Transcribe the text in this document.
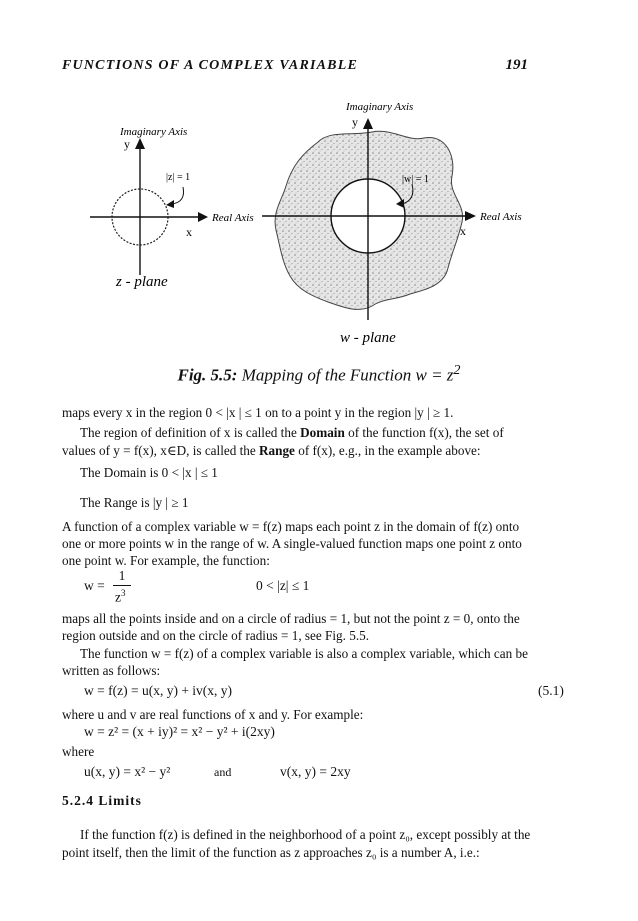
FUNCTIONS OF A COMPLEX VARIABLE	191
Imaginary Axis
y
|z| = 1
Real Axis
x
z - plane
Imaginary Axis
y
|w| = 1
Real Axis
x
w - plane
Fig. 5.5: Mapping of the Function $w = z^2$
maps every x in the region 0 < |x | ≤ 1 on to a point y in the region |y | ≥ 1.
The region of definition of x is called the Domain of the function f(x), the set of
values of y = f(x), x∈D, is called the Range of f(x), e.g., in the example above:
The Domain is 0 < |x | ≤ 1
The Range is |y | ≥ 1
A function of a complex variable w = f(z) maps each point z in the domain of f(z) onto
one or more points w in the range of w. A single-valued function maps one point z onto
one point w. For example, the function:
w =
1
$z^3$	0 < |z| ≤ 1
maps all the points inside and on a circle of radius = 1, but not the point z = 0, onto the
region outside and on the circle of radius = 1, see Fig. 5.5.
The function w = f(z) of a complex variable is also a complex variable, which can be
written as follows:
w = f(z) = u(x, y) + iv(x, y)	(5.1)
where u and v are real functions of x and y. For example:
w = z² = (x + iy)² = x² − y² + i(2xy)
where
u(x, y) = x² − y²	and	v(x, y) = 2xy
5.2.4 Limits
If the function f(z) is defined in the neighborhood of a point z₀, except possibly at the
point itself, then the limit of the function as z approaches z₀ is a number A, i.e.:
